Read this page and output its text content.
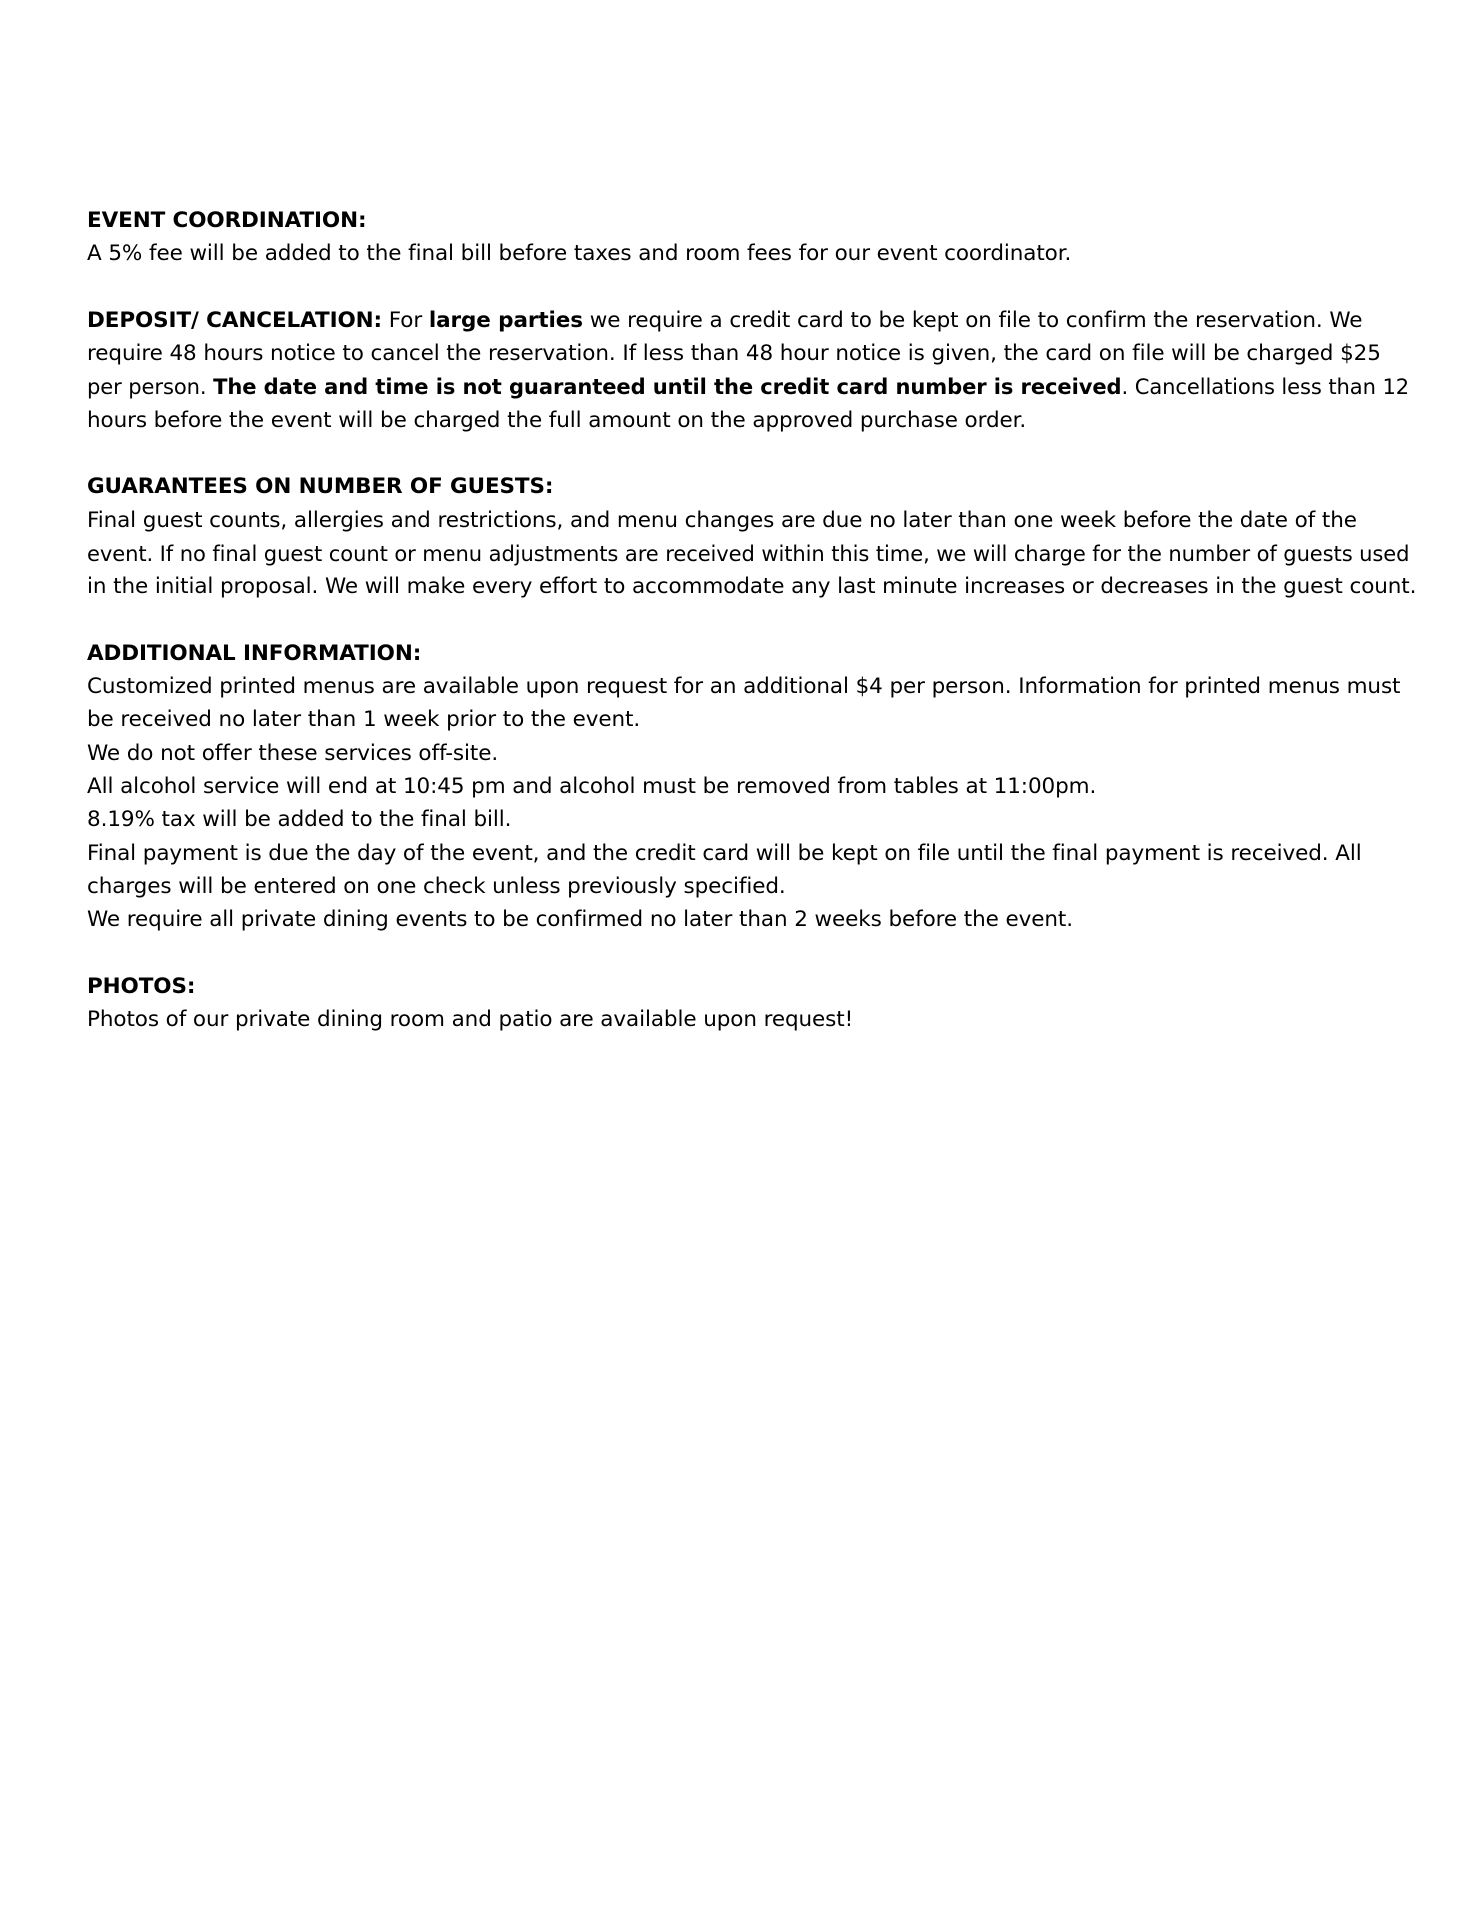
EVENT COORDINATION:
A 5% fee will be added to the final bill before taxes and room fees for our event coordinator.
DEPOSIT/ CANCELATION: For large parties we require a credit card to be kept on file to confirm the reservation. We
require 48 hours notice to cancel the reservation. If less than 48 hour notice is given, the card on file will be charged $25
per person. The date and time is not guaranteed until the credit card number is received. Cancellations less than 12
hours before the event will be charged the full amount on the approved purchase order.
GUARANTEES ON NUMBER OF GUESTS:
Final guest counts, allergies and restrictions, and menu changes are due no later than one week before the date of the
event. If no final guest count or menu adjustments are received within this time, we will charge for the number of guests used
in the initial proposal. We will make every effort to accommodate any last minute increases or decreases in the guest count.
ADDITIONAL INFORMATION:
Customized printed menus are available upon request for an additional $4 per person. Information for printed menus must
be received no later than 1 week prior to the event.
We do not offer these services off-site.
All alcohol service will end at 10:45 pm and alcohol must be removed from tables at 11:00pm.
8.19% tax will be added to the final bill.
Final payment is due the day of the event, and the credit card will be kept on file until the final payment is received. All
charges will be entered on one check unless previously specified.
We require all private dining events to be confirmed no later than 2 weeks before the event.
PHOTOS:
Photos of our private dining room and patio are available upon request!
